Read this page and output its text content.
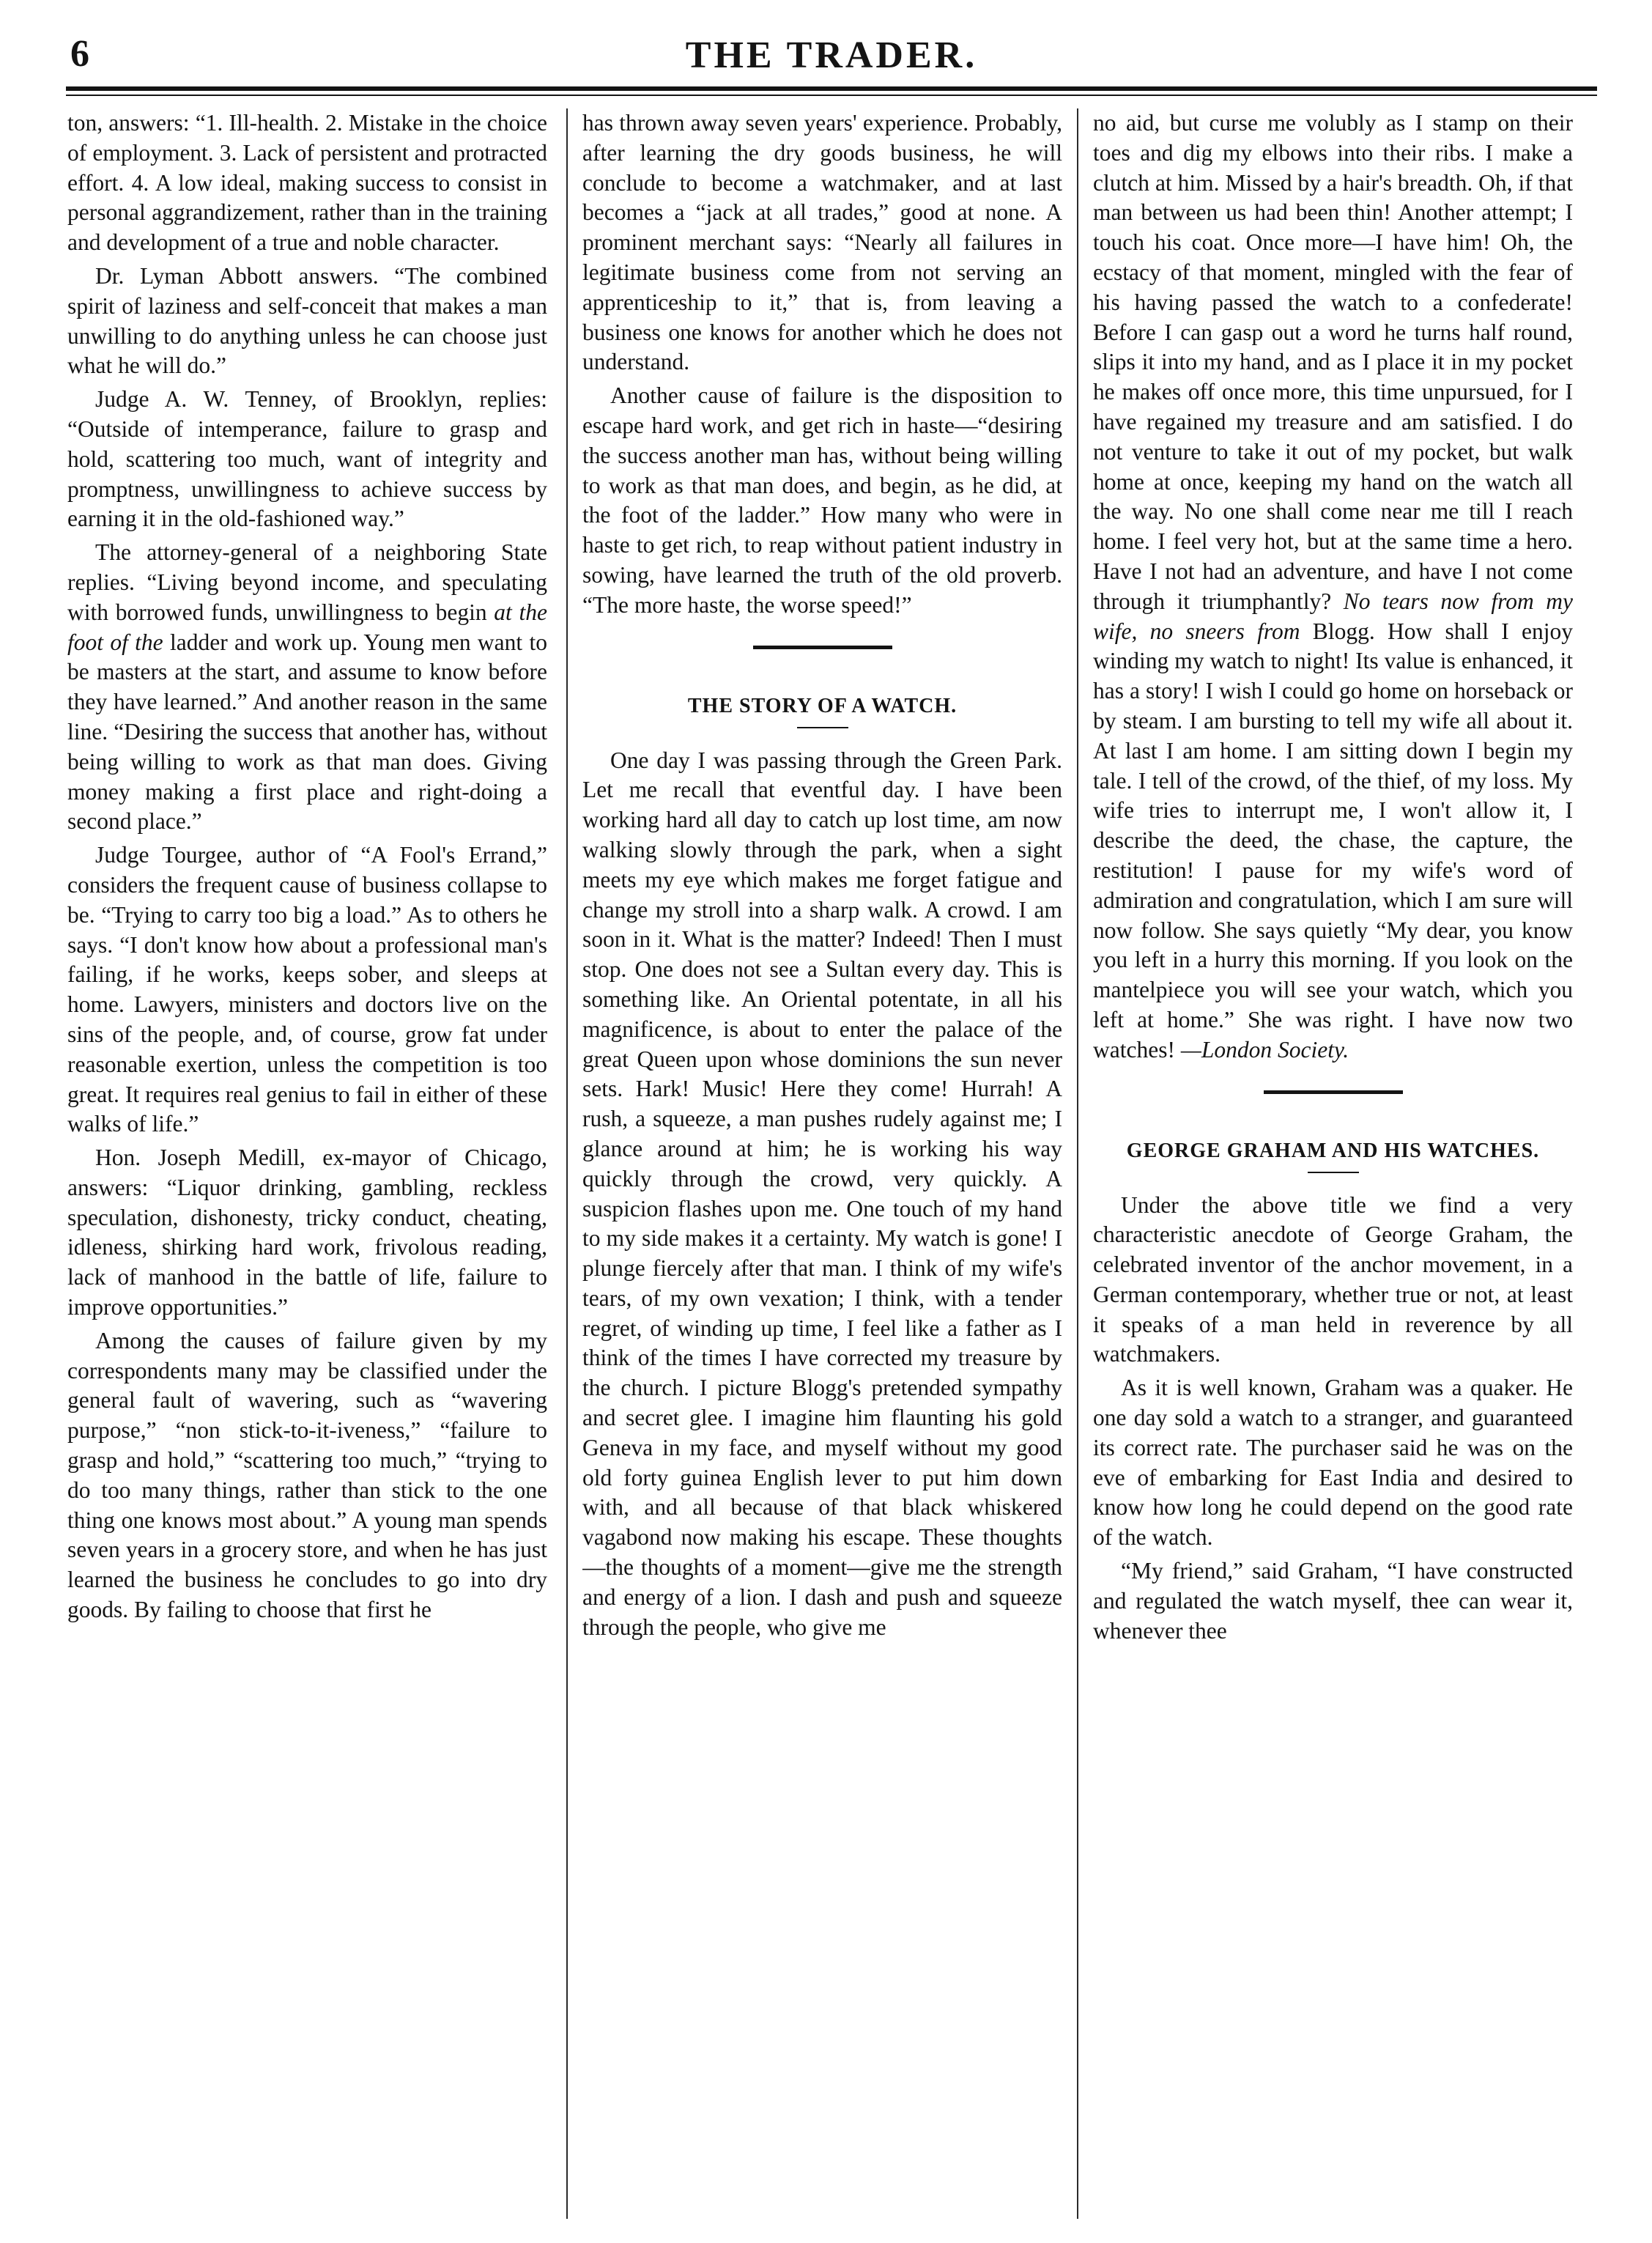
6	THE TRADER.

ton, answers: “1. Ill-health. 2. Mistake in the choice of employment. 3. Lack of persistent and protracted effort. 4. A low ideal, making success to consist in personal aggrandizement, rather than in the training and development of a true and noble character.

Dr. Lyman Abbott answers. “The combined spirit of laziness and self-conceit that makes a man unwilling to do anything unless he can choose just what he will do.”

Judge A. W. Tenney, of Brooklyn, replies: “Outside of intemperance, failure to grasp and hold, scattering too much, want of integrity and promptness, unwillingness to achieve success by earning it in the old-fashioned way.”

The attorney-general of a neighboring State replies. “Living beyond income, and speculating with borrowed funds, unwillingness to begin at the foot of the ladder and work up. Young men want to be masters at the start, and assume to know before they have learned.” And another reason in the same line. “Desiring the success that another has, without being willing to work as that man does. Giving money making a first place and right-doing a second place.”

Judge Tourgee, author of “A Fool's Errand,” considers the frequent cause of business collapse to be. “Trying to carry too big a load.” As to others he says. “I don't know how about a professional man's failing, if he works, keeps sober, and sleeps at home. Lawyers, ministers and doctors live on the sins of the people, and, of course, grow fat under reasonable exertion, unless the competition is too great. It requires real genius to fail in either of these walks of life.”

Hon. Joseph Medill, ex-mayor of Chicago, answers: “Liquor drinking, gambling, reckless speculation, dishonesty, tricky conduct, cheating, idleness, shirking hard work, frivolous reading, lack of manhood in the battle of life, failure to improve opportunities.”

Among the causes of failure given by my correspondents many may be classified under the general fault of wavering, such as “wavering purpose,” “non stick-to-it-iveness,” “failure to grasp and hold,” “scattering too much,” “trying to do too many things, rather than stick to the one thing one knows most about.” A young man spends seven years in a grocery store, and when he has just learned the business he concludes to go into dry goods. By failing to choose that first he

has thrown away seven years' experience. Probably, after learning the dry goods business, he will conclude to become a watchmaker, and at last becomes a “jack at all trades,” good at none. A prominent merchant says: “Nearly all failures in legitimate business come from not serving an apprenticeship to it,” that is, from leaving a business one knows for another which he does not understand.

Another cause of failure is the disposition to escape hard work, and get rich in haste—“desiring the success another man has, without being willing to work as that man does, and begin, as he did, at the foot of the ladder.” How many who were in haste to get rich, to reap without patient industry in sowing, have learned the truth of the old proverb. “The more haste, the worse speed!”

THE STORY OF A WATCH.

One day I was passing through the Green Park. Let me recall that eventful day. I have been working hard all day to catch up lost time, am now walking slowly through the park, when a sight meets my eye which makes me forget fatigue and change my stroll into a sharp walk. A crowd. I am soon in it. What is the matter? Indeed! Then I must stop. One does not see a Sultan every day. This is something like. An Oriental potentate, in all his magnificence, is about to enter the palace of the great Queen upon whose dominions the sun never sets. Hark! Music! Here they come! Hurrah! A rush, a squeeze, a man pushes rudely against me; I glance around at him; he is working his way quickly through the crowd, very quickly. A suspicion flashes upon me. One touch of my hand to my side makes it a certainty. My watch is gone! I plunge fiercely after that man. I think of my wife's tears, of my own vexation; I think, with a tender regret, of winding up time, I feel like a father as I think of the times I have corrected my treasure by the church. I picture Blogg's pretended sympathy and secret glee. I imagine him flaunting his gold Geneva in my face, and myself without my good old forty guinea English lever to put him down with, and all because of that black whiskered vagabond now making his escape. These thoughts—the thoughts of a moment—give me the strength and energy of a lion. I dash and push and squeeze through the people, who give me

no aid, but curse me volubly as I stamp on their toes and dig my elbows into their ribs. I make a clutch at him. Missed by a hair's breadth. Oh, if that man between us had been thin! Another attempt; I touch his coat. Once more—I have him! Oh, the ecstacy of that moment, mingled with the fear of his having passed the watch to a confederate! Before I can gasp out a word he turns half round, slips it into my hand, and as I place it in my pocket he makes off once more, this time unpursued, for I have regained my treasure and am satisfied. I do not venture to take it out of my pocket, but walk home at once, keeping my hand on the watch all the way. No one shall come near me till I reach home. I feel very hot, but at the same time a hero. Have I not had an adventure, and have I not come through it triumphantly? No tears now from my wife, no sneers from Blogg. How shall I enjoy winding my watch to night! Its value is enhanced, it has a story! I wish I could go home on horseback or by steam. I am bursting to tell my wife all about it. At last I am home. I am sitting down I begin my tale. I tell of the crowd, of the thief, of my loss. My wife tries to interrupt me, I won't allow it, I describe the deed, the chase, the capture, the restitution! I pause for my wife's word of admiration and congratulation, which I am sure will now follow. She says quietly “My dear, you know you left in a hurry this morning. If you look on the mantelpiece you will see your watch, which you left at home.” She was right. I have now two watches! —London Society.

GEORGE GRAHAM AND HIS WATCHES.

Under the above title we find a very characteristic anecdote of George Graham, the celebrated inventor of the anchor movement, in a German contemporary, whether true or not, at least it speaks of a man held in reverence by all watchmakers.

As it is well known, Graham was a quaker. He one day sold a watch to a stranger, and guaranteed its correct rate. The purchaser said he was on the eve of embarking for East India and desired to know how long he could depend on the good rate of the watch.

“My friend,” said Graham, “I have constructed and regulated the watch myself, thee can wear it, whenever thee
